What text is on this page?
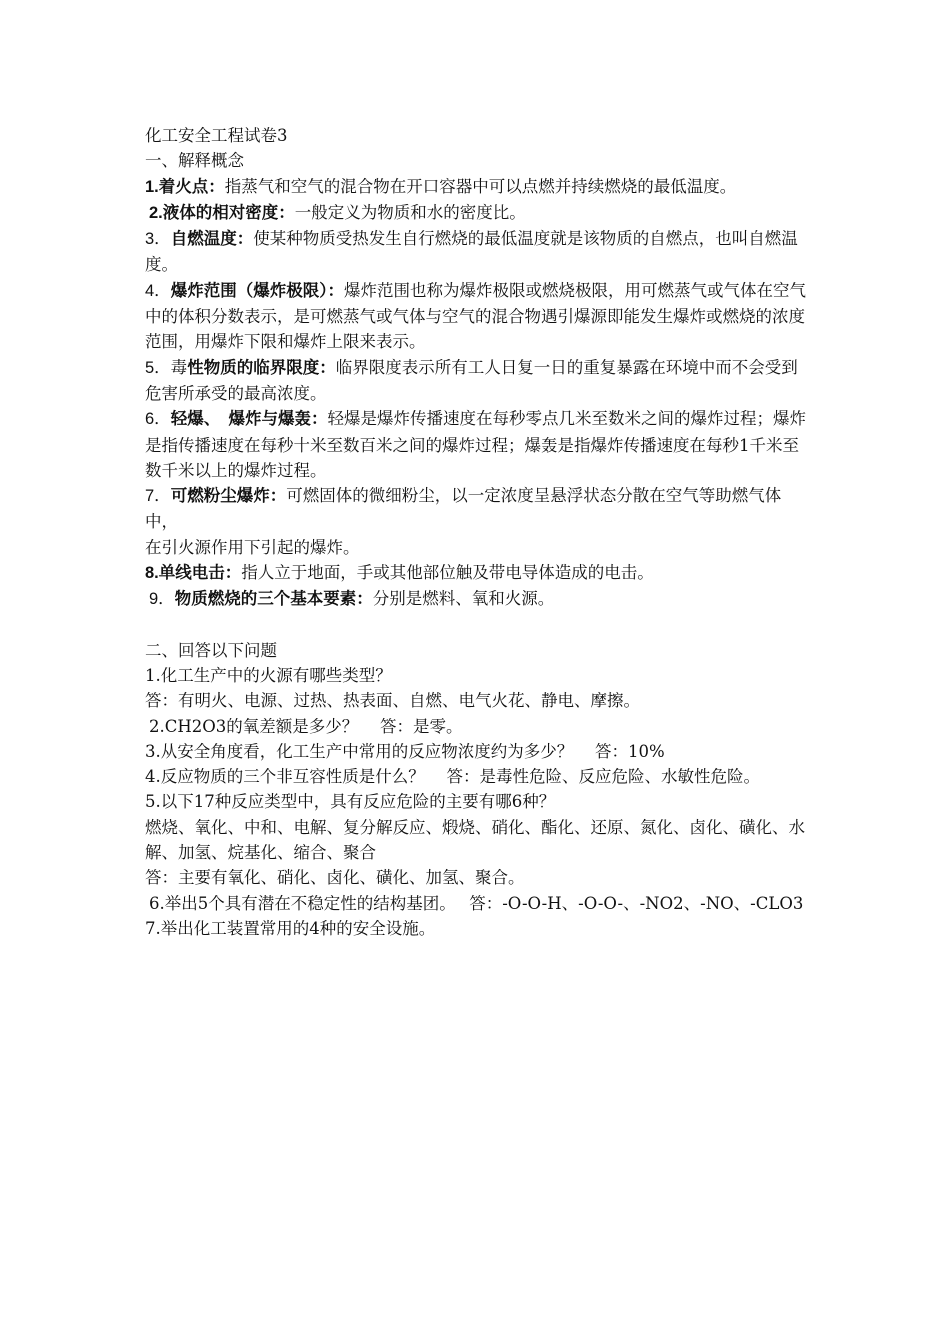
化工安全工程试卷3

一、解释概念

1.着火点：指蒸气和空气的混合物在开口容器中可以点燃并持续燃烧的最低温度。

2.液体的相对密度：一般定义为物质和水的密度比。

3．自燃温度：使某种物质受热发生自行燃烧的最低温度就是该物质的自燃点，也叫自燃温度。

4．爆炸范围（爆炸极限）：爆炸范围也称为爆炸极限或燃烧极限，用可燃蒸气或气体在空气中的体积分数表示，是可燃蒸气或气体与空气的混合物遇引爆源即能发生爆炸或燃烧的浓度范围，用爆炸下限和爆炸上限来表示。

5．毒性物质的临界限度：临界限度表示所有工人日复一日的重复暴露在环境中而不会受到危害所承受的最高浓度。

6．轻爆、　爆炸与爆轰：轻爆是爆炸传播速度在每秒零点几米至数米之间的爆炸过程；爆炸是指传播速度在每秒十米至数百米之间的爆炸过程；爆轰是指爆炸传播速度在每秒1千米至数千米以上的爆炸过程。

7．可燃粉尘爆炸：可燃固体的微细粉尘，以一定浓度呈悬浮状态分散在空气等助燃气体中，

在引火源作用下引起的爆炸。

8.单线电击：指人立于地面，手或其他部位触及带电导体造成的电击。

9．物质燃烧的三个基本要素：分别是燃料、氧和火源。

二、回答以下问题

1.化工生产中的火源有哪些类型？

答：有明火、电源、过热、热表面、自燃、电气火花、静电、摩擦。

2.CH2O3的氧差额是多少？　 答：是零。

3.从安全角度看，化工生产中常用的反应物浓度约为多少？　 答：10%

4.反应物质的三个非互容性质是什么？　 答：是毒性危险、反应危险、水敏性危险。

5.以下17种反应类型中，具有反应危险的主要有哪6种？

燃烧、氧化、中和、电解、复分解反应、煅烧、硝化、酯化、还原、氮化、卤化、磺化、水解、加氢、烷基化、缩合、聚合

答：主要有氧化、硝化、卤化、磺化、加氢、聚合。

6.举出5个具有潜在不稳定性的结构基团。　 答：-O-O-H、-O-O-、-NO2、-NO、-CLO3

7.举出化工装置常用的4种的安全设施。
